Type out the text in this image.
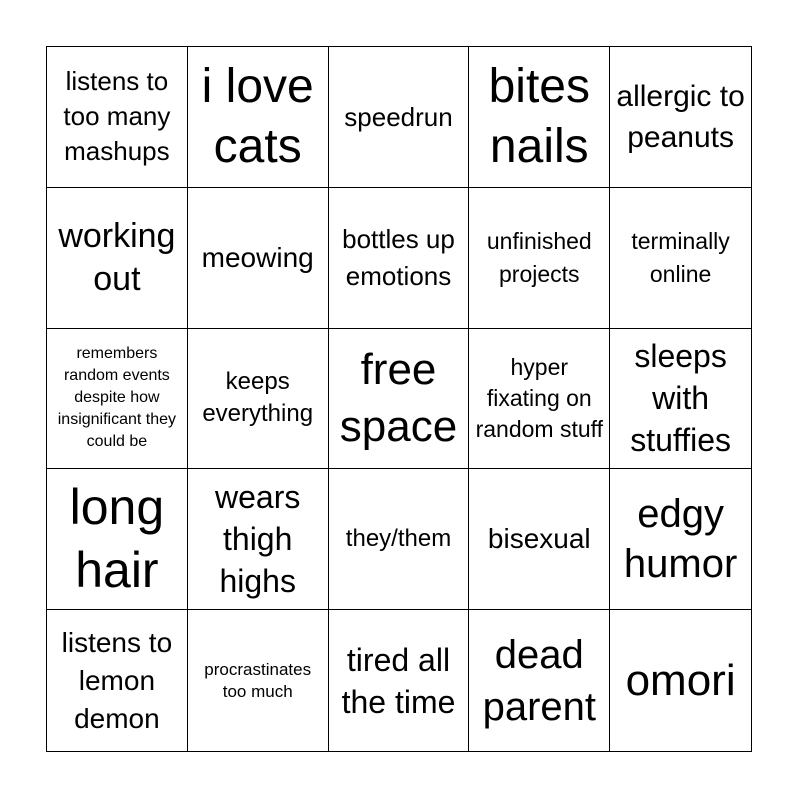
listens to too many mashups
i love cats
speedrun
bites nails
allergic to peanuts
working out
meowing
bottles up emotions
unfinished projects
terminally online
remembers random events despite how insignificant they could be
keeps everything
free space
hyper fixating on random stuff
sleeps with stuffies
long hair
wears thigh highs
they/them bisexual
edgy humor
listens to lemon demon
procrastinates too much
tired all the time
dead parent
omori
